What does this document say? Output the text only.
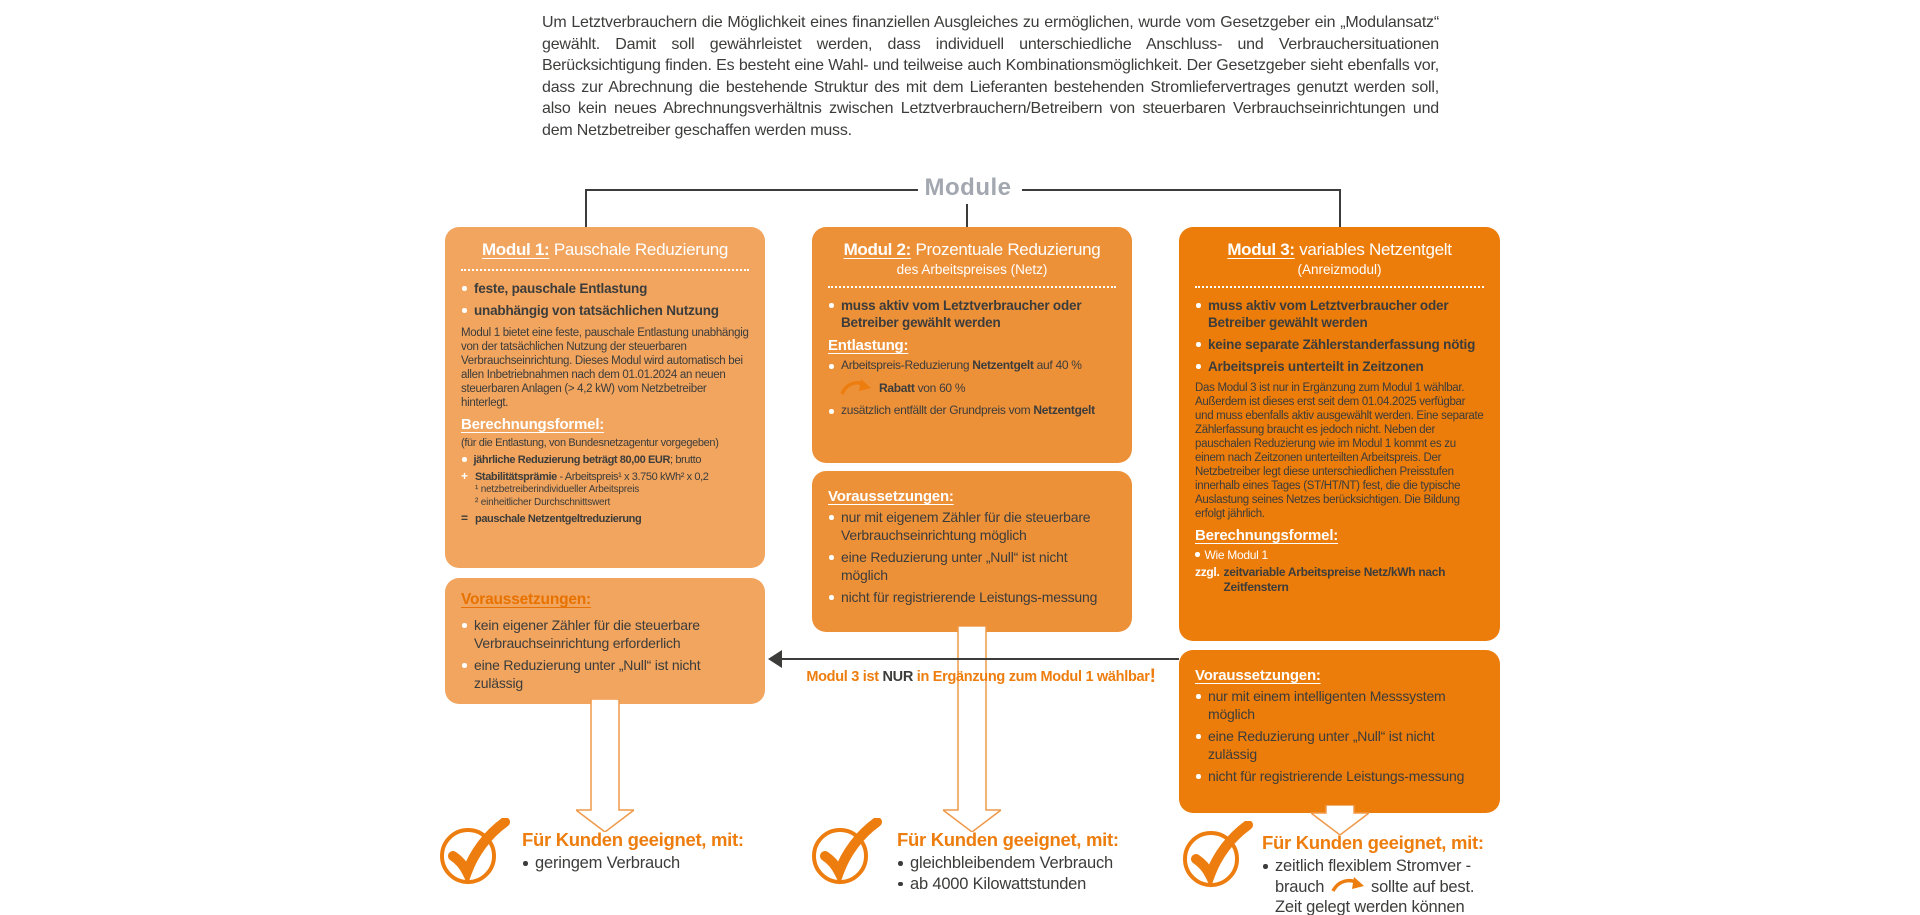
Um Letztverbrauchern die Möglichkeit eines finanziellen Ausgleiches zu ermöglichen, wurde vom Gesetzgeber ein „Modulansatz“ gewählt. Damit soll gewährleistet werden, dass individuell unterschiedliche Anschluss- und Verbrauchersituationen Berücksichtigung finden. Es besteht eine Wahl- und teilweise auch Kombinationsmöglichkeit. Der Gesetzgeber sieht ebenfalls vor, dass zur Abrechnung die bestehende Struktur des mit dem Lieferanten bestehenden Stromliefervertrages genutzt werden soll, also kein neues Abrechnungsverhältnis zwischen Letztverbrauchern/Betreibern von steuerbaren Verbrauchseinrichtungen und dem Netzbetreiber geschaffen werden muss.

Module
Modul 1: Pauschale Reduzierung
feste, pauschale Entlastung
unabhängig von tatsächlichen Nutzung

Modul 1 bietet eine feste, pauschale Entlastung unabhängig von der tatsächlichen Nutzung der steuerbaren Verbrauchseinrichtung. Dieses Modul wird automatisch bei allen Inbetriebnahmen nach dem 01.01.2024 an neuen steuerbaren Anlagen (> 4,2 kW) vom Netzbetreiber hinterlegt.

Berechnungsformel:

(für die Entlastung, von Bundesnetzagentur vorgegeben)

jährliche Reduzierung beträgt 80,00 EUR; brutto
+ Stabilitätsprämie - Arbeitspreis¹ x 3.750 kWh² x 0,2
¹ netzbetreiberindividueller Arbeitspreis
² einheitlicher Durchschnittswert
= pauschale Netzentgeltreduzierung
Voraussetzungen:
kein eigener Zähler für die steuerbare Verbrauchseinrichtung erforderlich
eine Reduzierung unter „Null“ ist nicht zulässig
Modul 2: Prozentuale Reduzierung
des Arbeitspreises (Netz)
muss aktiv vom Letztverbraucher oder Betreiber gewählt werden
Entlastung:
Arbeitspreis-Reduzierung Netzentgelt auf 40 %
Rabatt von 60 %
zusätzlich entfällt der Grundpreis vom Netzentgelt
Voraussetzungen:
nur mit eigenem Zähler für die steuerbare Verbrauchseinrichtung möglich
eine Reduzierung unter „Null“ ist nicht möglich
nicht für registrierende Leistungs-messung
Modul 3: variables Netzentgelt
(Anreizmodul)
muss aktiv vom Letztverbraucher oder Betreiber gewählt werden
keine separate Zählerstanderfassung nötig
Arbeitspreis unterteilt in Zeitzonen

Das Modul 3 ist nur in Ergänzung zum Modul 1 wählbar. Außerdem ist dieses erst seit dem 01.04.2025 verfügbar und muss ebenfalls aktiv ausgewählt werden. Eine separate Zählerfassung braucht es jedoch nicht. Neben der pauschalen Reduzierung wie im Modul 1 kommt es zu einem nach Zeitzonen unterteilten Arbeitspreis. Der Netzbetreiber legt diese unterschiedlichen Preisstufen innerhalb eines Tages (ST/HT/NT) fest, die die typische Auslastung seines Netzes berücksichtigen. Die Bildung erfolgt jährlich.

Berechnungsformel:
Wie Modul 1
zzgl. zeitvariable Arbeitspreise Netz/kWh nach Zeitfenstern
Voraussetzungen:
nur mit einem intelligenten Messsystem möglich
eine Reduzierung unter „Null“ ist nicht zulässig
nicht für registrierende Leistungs-messung
Modul 3 ist NUR in Ergänzung zum Modul 1 wählbar!
Für Kunden geeignet, mit:
geringem Verbrauch
Für Kunden geeignet, mit:
gleichbleibendem Verbrauch
ab 4000 Kilowattstunden
Für Kunden geeignet, mit:
zeitlich flexiblem Stromver -
brauch  sollte auf best.
Zeit gelegt werden können
